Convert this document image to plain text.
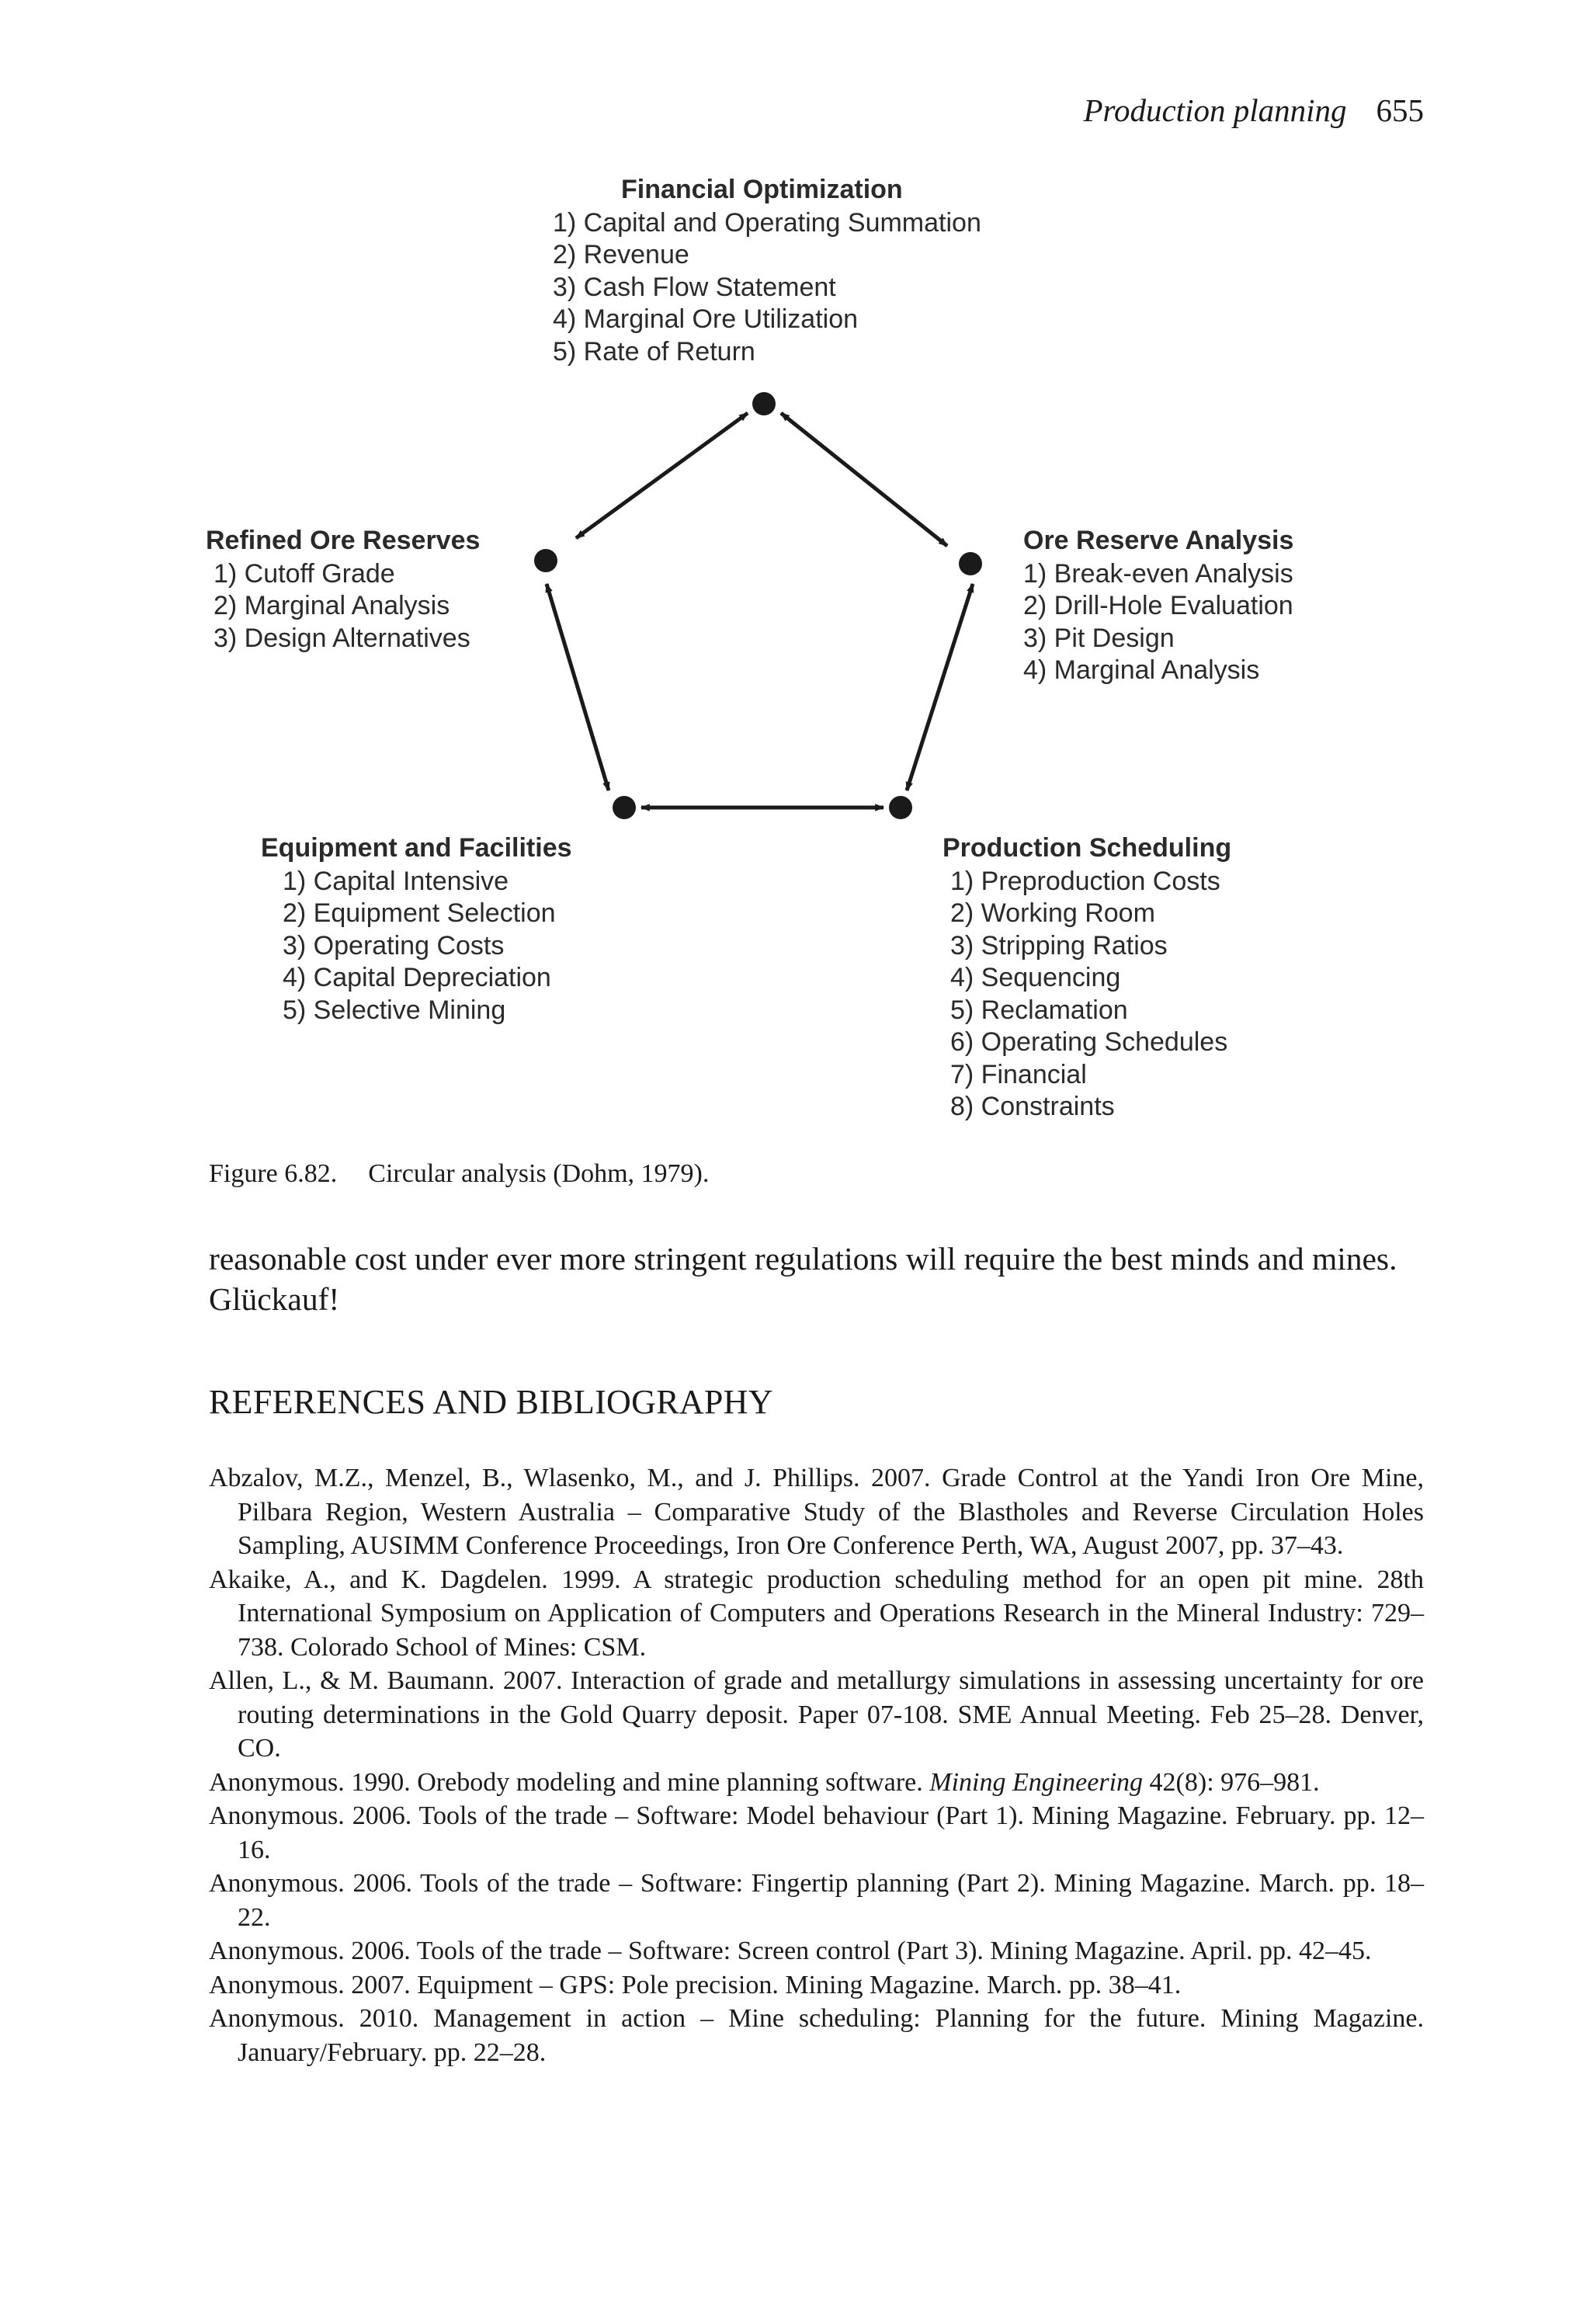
Production planning 655
Financial Optimization
1) Capital and Operating Summation
2) Revenue
3) Cash Flow Statement
4) Marginal Ore Utilization
5) Rate of Return
Ore Reserve Analysis
1) Break-even Analysis
2) Drill-Hole Evaluation
3) Pit Design
4) Marginal Analysis
Production Scheduling
1) Preproduction Costs
2) Working Room
3) Stripping Ratios
4) Sequencing
5) Reclamation
6) Operating Schedules
7) Financial
8) Constraints
Equipment and Facilities
1) Capital Intensive
2) Equipment Selection
3) Operating Costs
4) Capital Depreciation
5) Selective Mining
Refined Ore Reserves
1) Cutoff Grade
2) Marginal Analysis
3) Design Alternatives
Figure 6.82. Circular analysis (Dohm, 1979).

reasonable cost under ever more stringent regulations will require the best minds and mines.

Glückauf!

REFERENCES AND BIBLIOGRAPHY

Abzalov, M.Z., Menzel, B., Wlasenko, M., and J. Phillips. 2007. Grade Control at the Yandi Iron Ore Mine, Pilbara Region, Western Australia – Comparative Study of the Blastholes and Reverse Circulation Holes Sampling, AUSIMM Conference Proceedings, Iron Ore Conference Perth, WA, August 2007, pp. 37–43.

Akaike, A., and K. Dagdelen. 1999. A strategic production scheduling method for an open pit mine. 28th International Symposium on Application of Computers and Operations Research in the Mineral Industry: 729–738. Colorado School of Mines: CSM.

Allen, L., & M. Baumann. 2007. Interaction of grade and metallurgy simulations in assessing uncertainty for ore routing determinations in the Gold Quarry deposit. Paper 07-108. SME Annual Meeting. Feb 25–28. Denver, CO.

Anonymous. 1990. Orebody modeling and mine planning software. Mining Engineering 42(8): 976–981.

Anonymous. 2006. Tools of the trade – Software: Model behaviour (Part 1). Mining Magazine. February. pp. 12–16.

Anonymous. 2006. Tools of the trade – Software: Fingertip planning (Part 2). Mining Magazine. March. pp. 18–22.

Anonymous. 2006. Tools of the trade – Software: Screen control (Part 3). Mining Magazine. April. pp. 42–45.

Anonymous. 2007. Equipment – GPS: Pole precision. Mining Magazine. March. pp. 38–41.

Anonymous. 2010. Management in action – Mine scheduling: Planning for the future. Mining Magazine. January/February. pp. 22–28.
